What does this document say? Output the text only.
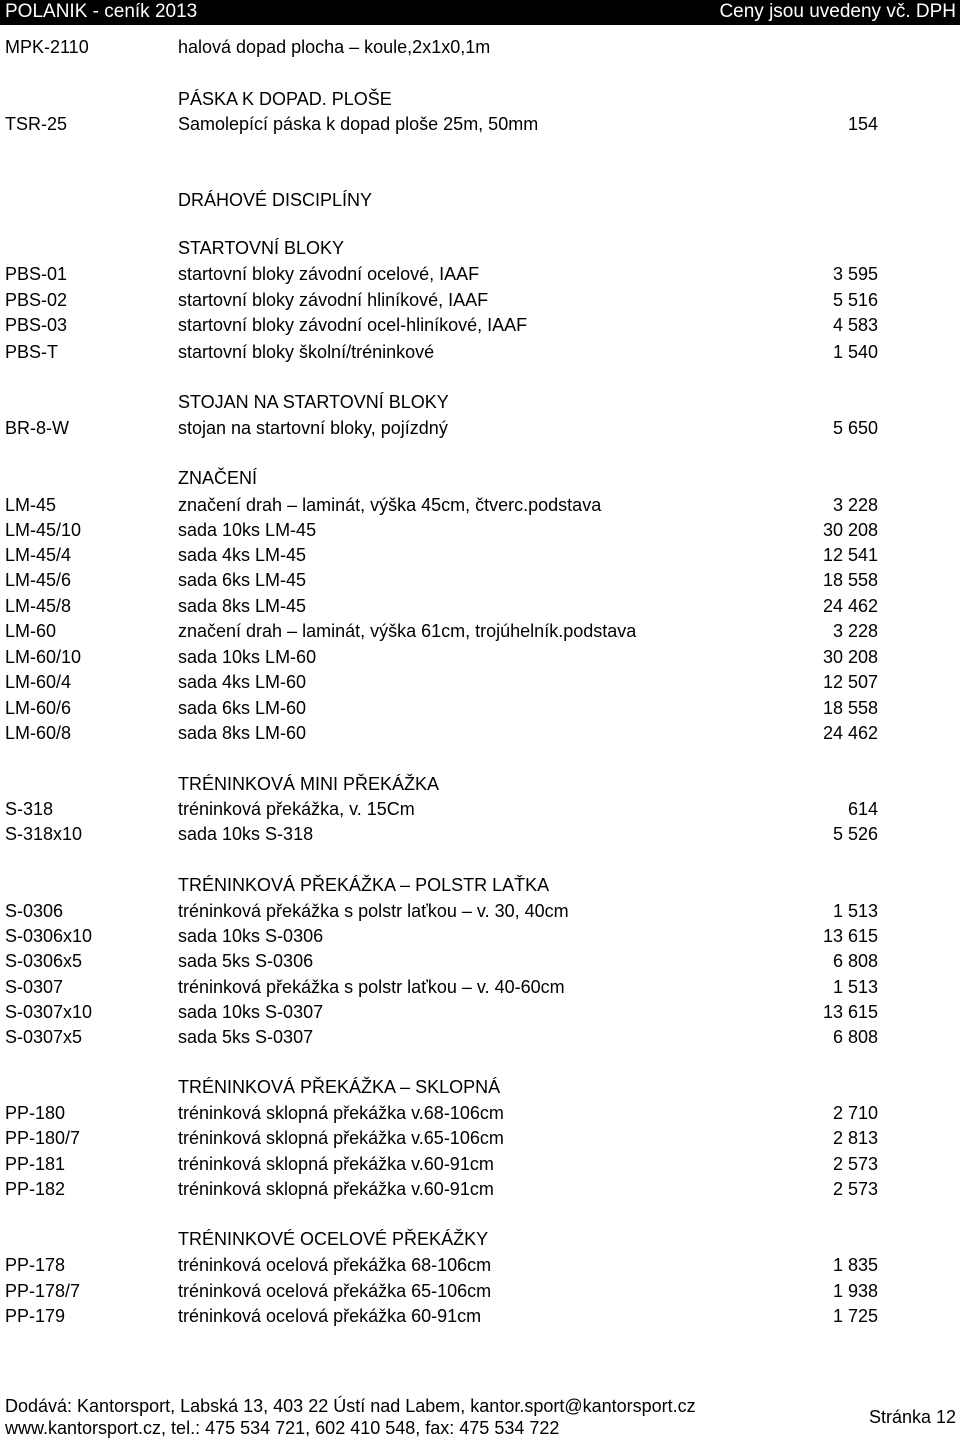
POLANIK - ceník 2013	Ceny jsou uvedeny vč. DPH
MPK-2110	halová dopad plocha – koule,2x1x0,1m
PÁSKA K DOPAD. PLOŠE
TSR-25	Samolepící páska k dopad ploše 25m, 50mm	154
DRÁHOVÉ DISCIPLÍNY
STARTOVNÍ BLOKY
PBS-01	startovní bloky závodní ocelové, IAAF	3 595
PBS-02	startovní bloky závodní hliníkové, IAAF	5 516
PBS-03	startovní bloky závodní ocel-hliníkové, IAAF	4 583
PBS-T	startovní bloky školní/tréninkové	1 540
STOJAN NA STARTOVNÍ BLOKY
BR-8-W	stojan na startovní bloky, pojízdný	5 650
ZNAČENÍ
LM-45	značení drah – laminát, výška 45cm, čtverc.podstava	3 228
LM-45/10	sada 10ks LM-45	30 208
LM-45/4	sada 4ks LM-45	12 541
LM-45/6	sada 6ks LM-45	18 558
LM-45/8	sada 8ks LM-45	24 462
LM-60	značení drah – laminát, výška 61cm, trojúhelník.podstava	3 228
LM-60/10	sada 10ks LM-60	30 208
LM-60/4	sada 4ks LM-60	12 507
LM-60/6	sada 6ks LM-60	18 558
LM-60/8	sada 8ks LM-60	24 462
TRÉNINKOVÁ MINI PŘEKÁŽKA
S-318	tréninková překážka, v. 15Cm	614
S-318x10	sada 10ks S-318	5 526
TRÉNINKOVÁ PŘEKÁŽKA – POLSTR LAŤKA
S-0306	tréninková překážka s polstr laťkou – v. 30, 40cm	1 513
S-0306x10	sada 10ks S-0306	13 615
S-0306x5	sada 5ks S-0306	6 808
S-0307	tréninková překážka s polstr laťkou – v. 40-60cm	1 513
S-0307x10	sada 10ks S-0307	13 615
S-0307x5	sada 5ks S-0307	6 808
TRÉNINKOVÁ PŘEKÁŽKA – SKLOPNÁ
PP-180	tréninková sklopná překážka v.68-106cm	2 710
PP-180/7	tréninková sklopná překážka v.65-106cm	2 813
PP-181	tréninková sklopná překážka v.60-91cm	2 573
PP-182	tréninková sklopná překážka v.60-91cm	2 573
TRÉNINKOVÉ OCELOVÉ PŘEKÁŽKY
PP-178	tréninková ocelová překážka 68-106cm	1 835
PP-178/7	tréninková ocelová překážka 65-106cm	1 938
PP-179	tréninková ocelová překážka 60-91cm	1 725
Dodává: Kantorsport, Labská 13, 403 22 Ústí nad Labem, kantor.sport@kantorsport.cz
www.kantorsport.cz, tel.: 475 534 721, 602 410 548, fax: 475 534 722
Stránka 12
